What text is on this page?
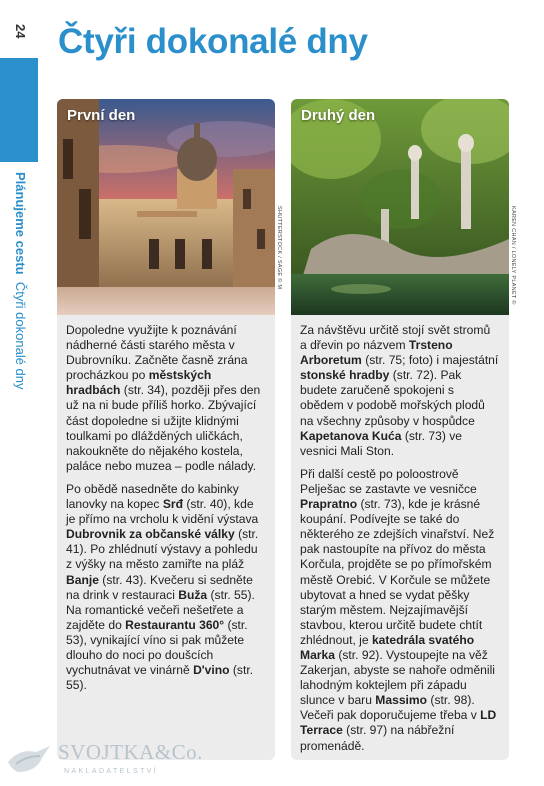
24
Plánujeme cestu  Čtyři dokonalé dny
Čtyři dokonalé dny
První den

Dopoledne využijte k poznávání nádherné části starého města v Dubrovníku. Začněte časně zrána procházkou po městských hradbách (str. 34), později přes den už na ni bude příliš horko. Zbývající část dopoledne si užijte klidnými toulkami po dlážděných uličkách, nakoukněte do nějakého kostela, paláce nebo muzea – podle nálady.

Po obědě nasedněte do kabinky lanovky na kopec Srđ (str. 40), kde je přímo na vrcholu k vidění výstava Dubrovnik za občanské války (str. 41). Po zhlédnutí výstavy a pohledu z výšky na město zamiřte na pláž Banje (str. 43). Kvečeru si sedněte na drink v restauraci Buža (str. 55). Na romantické večeři nešetřete a zajděte do Restaurantu 360° (str. 53), vynikající víno si pak můžete dlouho do noci po doušcích vychutnávat ve vinárně D'vino (str. 55).

Druhý den

Za návštěvu určitě stojí svět stromů a dřevin po názvem Trsteno Arboretum (str. 75; foto) i majestátní stonské hradby (str. 72). Pak budete zaručeně spokojeni s obědem v podobě mořských plodů na všechny způsoby v hospůdce Kapetanova Kuća (str. 73) ve vesnici Mali Ston.

Při další cestě po poloostrově Pelješac se zastavte ve vesničce Prapratno (str. 73), kde je krásné koupání. Podívejte se také do některého ze zdejších vinařství. Než pak nastoupíte na přívoz do města Korčula, projděte se po přímořském městě Orebić. V Korčule se můžete ubytovat a hned se vydat pěšky starým městem. Nejzajímavější stavbou, kterou určitě budete chtít zhlédnout, je katedrála svatého Marka (str. 92). Vystoupejte na věž Zakerjan, abyste se nahoře odměnili lahodným koktejlem při západu slunce v baru Massimo (str. 98). Večeři pak doporučujeme třeba v LD Terrace (str. 97) na nábřežní promenádě.

SHUTTERSTOCK / SAGE © M	KAREN CHAN / LONELY PLANET ©
SVOJTKA&Co.
NAKLADATELSTVÍ
